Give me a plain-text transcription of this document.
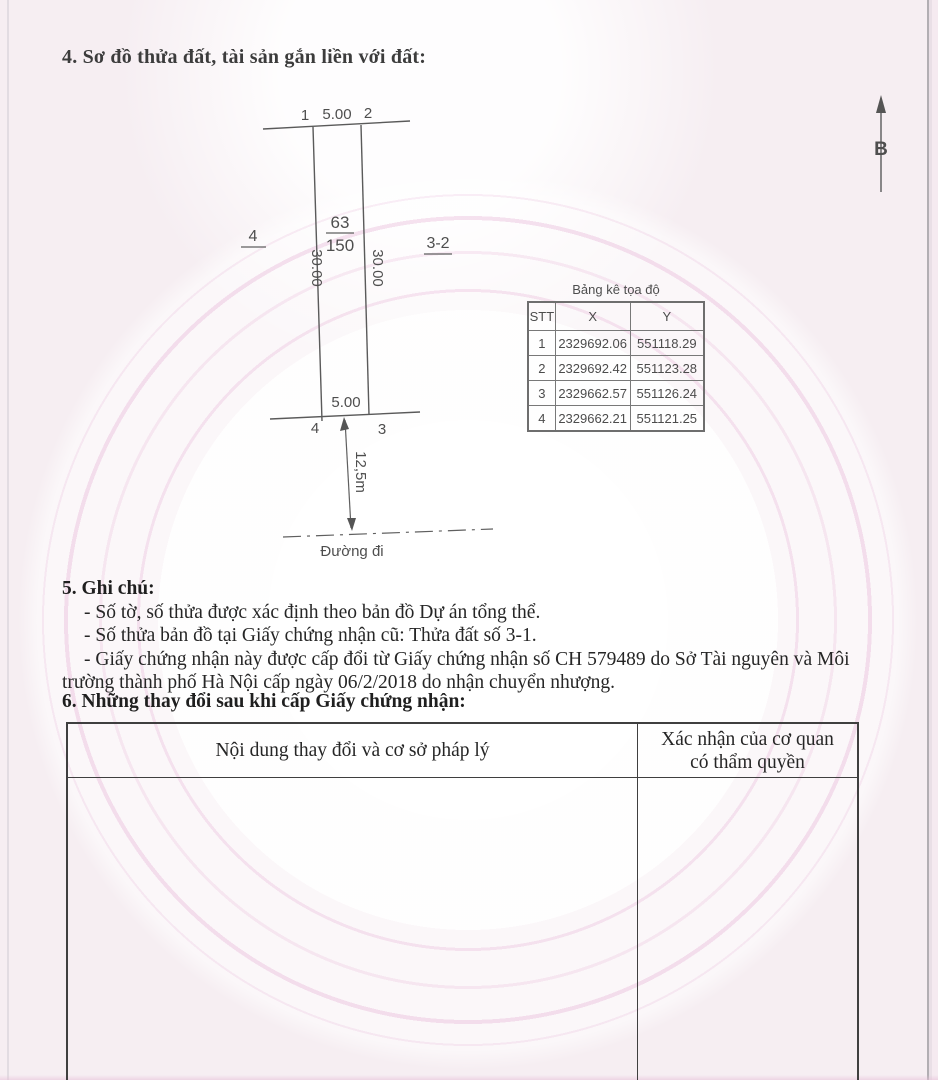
4. Sơ đồ thửa đất, tài sản gắn liền với đất:
B
1	2
4	3
5.00
5.00
30.00	30.00
63
150
4	3-2
12,5m
Đường đi
Bảng kê tọa độ
STT	X	Y
1	2329692.06	551118.29
2	2329692.42	551123.28
3	2329662.57	551126.24
4	2329662.21	551121.25
5. Ghi chú:

- Số tờ, số thửa được xác định theo bản đồ Dự án tổng thể.

- Số thửa bản đồ tại Giấy chứng nhận cũ: Thửa đất số 3-1.

- Giấy chứng nhận này được cấp đổi từ Giấy chứng nhận số CH 579489 do Sở Tài nguyên và Môi trường thành phố Hà Nội cấp ngày 06/2/2018 do nhận chuyển nhượng.

6. Những thay đổi sau khi cấp Giấy chứng nhận:
Nội dung thay đổi và cơ sở pháp lý
Xác nhận của cơ quan
có thẩm quyền
